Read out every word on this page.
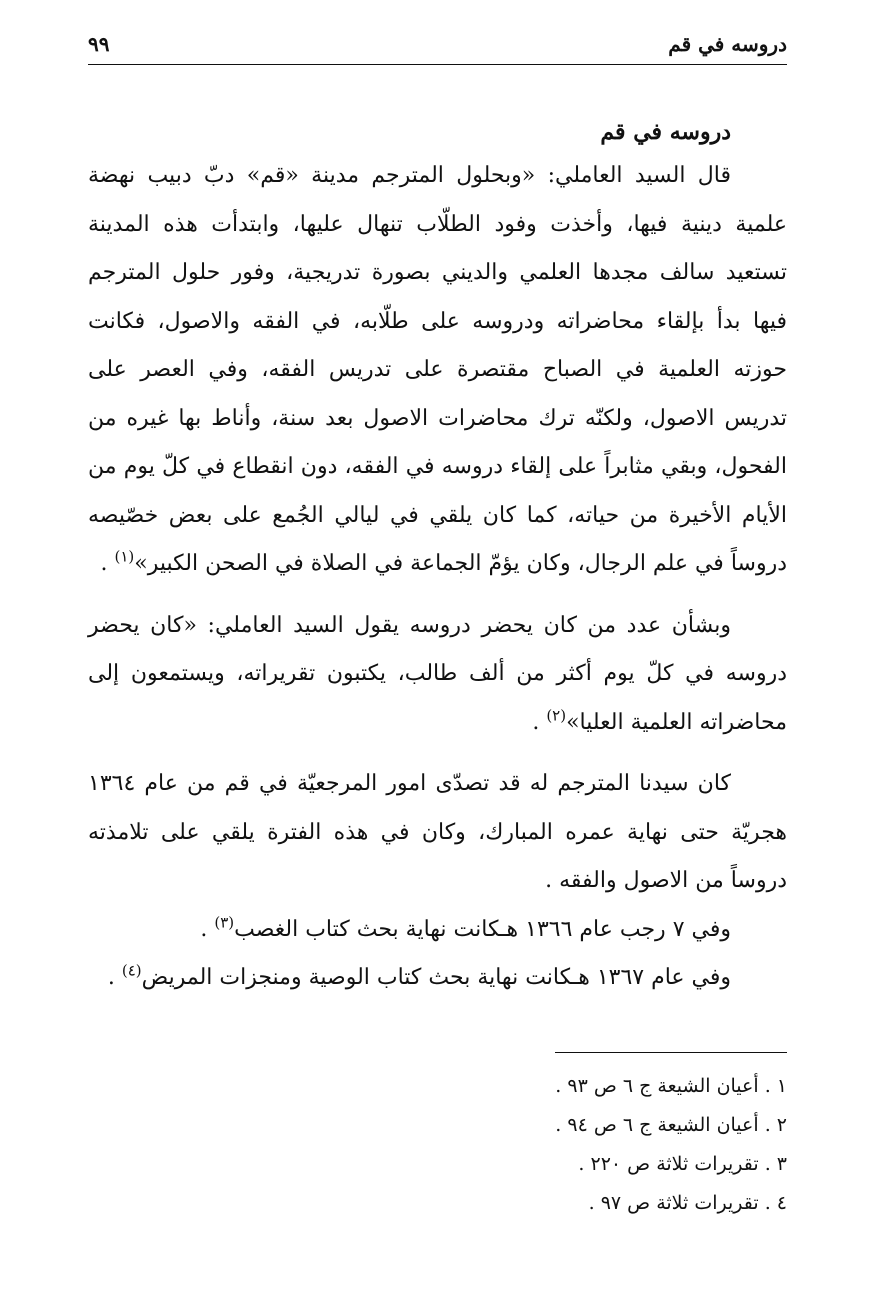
دروسه في قم
٩٩
دروسه في قم

قال السيد العاملي: «وبحلول المترجم مدينة «قم» دبّ دبيب نهضة علمية دينية فيها، وأخذت وفود الطلّاب تنهال عليها، وابتدأت هذه المدينة تستعيد سالف مجدها العلمي والديني بصورة تدريجية، وفور حلول المترجم فيها بدأ بإلقاء محاضراته ودروسه على طلّابه، في الفقه والاصول، فكانت حوزته العلمية في الصباح مقتصرة على تدريس الفقه، وفي العصر على تدريس الاصول، ولكنّه ترك محاضرات الاصول بعد سنة، وأناط بها غيره من الفحول، وبقي مثابراً على إلقاء دروسه في الفقه، دون انقطاع في كلّ يوم من الأيام الأخيرة من حياته، كما كان يلقي في ليالي الجُمع على بعض خصّيصه دروساً في علم الرجال، وكان يؤمّ الجماعة في الصلاة في الصحن الكبير»$^{(١)}$ .

وبشأن عدد من كان يحضر دروسه يقول السيد العاملي: «كان يحضر دروسه في كلّ يوم أكثر من ألف طالب، يكتبون تقريراته، ويستمعون إلى محاضراته العلمية العليا»$^{(٢)}$ .

كان سيدنا المترجم له قد تصدّى امور المرجعيّة في قم من عام ١٣٦٤ هجريّة حتى نهاية عمره المبارك، وكان في هذه الفترة يلقي على تلامذته دروساً من الاصول والفقه .

وفي ٧ رجب عام ١٣٦٦ هـكانت نهاية بحث كتاب الغصب$^{(٣)}$ .

وفي عام ١٣٦٧ هـكانت نهاية بحث كتاب الوصية ومنجزات المريض$^{(٤)}$ .

١ . أعيان الشيعة ج ٦ ص ٩٣ .
٢ . أعيان الشيعة ج ٦ ص ٩٤ .
٣ . تقريرات ثلاثة ص ٢٢٠ .
٤ . تقريرات ثلاثة ص ٩٧ .
